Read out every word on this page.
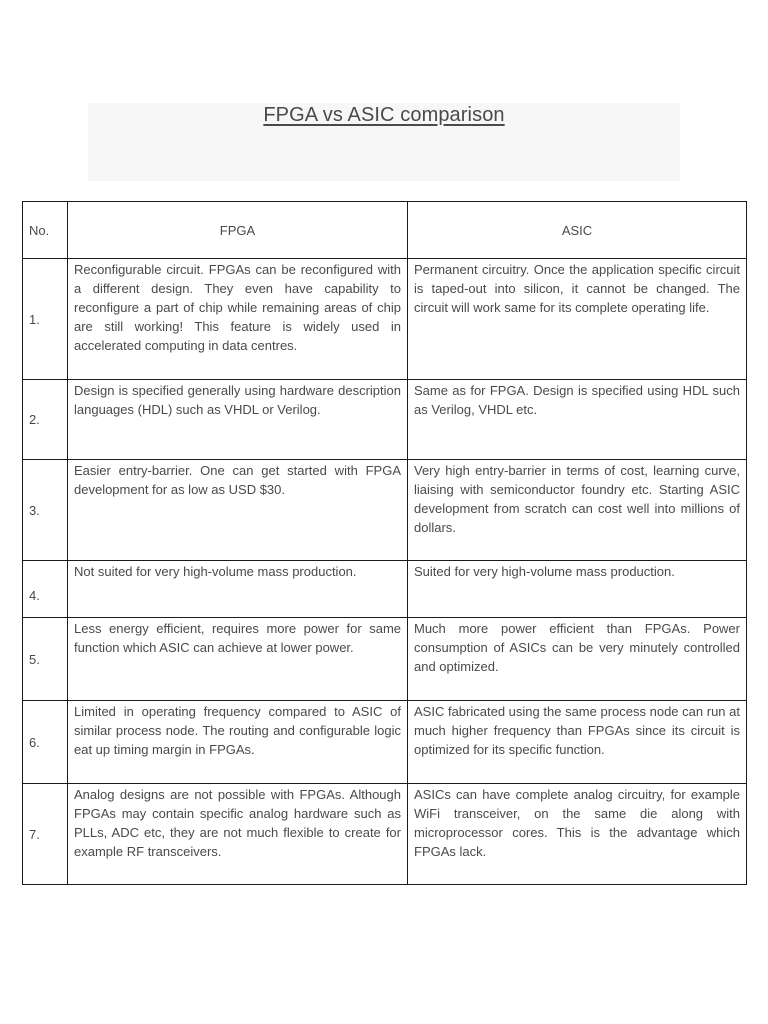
FPGA vs ASIC comparison
No.	FPGA	ASIC
1.	Reconfigurable circuit. FPGAs can be reconfigured with a different design. They even have capability to reconfigure a part of chip while remaining areas of chip are still working! This feature is widely used in accelerated computing in data centres.	Permanent circuitry. Once the application specific circuit is taped-out into silicon, it cannot be changed. The circuit will work same for its complete operating life.
2.	Design is specified generally using hardware description languages (HDL) such as VHDL or Verilog.	Same as for FPGA. Design is specified using HDL such as Verilog, VHDL etc.
3.	Easier entry-barrier. One can get started with FPGA development for as low as USD $30.	Very high entry-barrier in terms of cost, learning curve, liaising with semiconductor foundry etc. Starting ASIC development from scratch can cost well into millions of dollars.
4.	Not suited for very high-volume mass production.	Suited for very high-volume mass production.
5.	Less energy efficient, requires more power for same function which ASIC can achieve at lower power.	Much more power efficient than FPGAs. Power consumption of ASICs can be very minutely controlled and optimized.
6.	Limited in operating frequency compared to ASIC of similar process node. The routing and configurable logic eat up timing margin in FPGAs.	ASIC fabricated using the same process node can run at much higher frequency than FPGAs since its circuit is optimized for its specific function.
7.	Analog designs are not possible with FPGAs. Although FPGAs may contain specific analog hardware such as PLLs, ADC etc, they are not much flexible to create for example RF transceivers.	ASICs can have complete analog circuitry, for example WiFi transceiver, on the same die along with microprocessor cores. This is the advantage which FPGAs lack.
